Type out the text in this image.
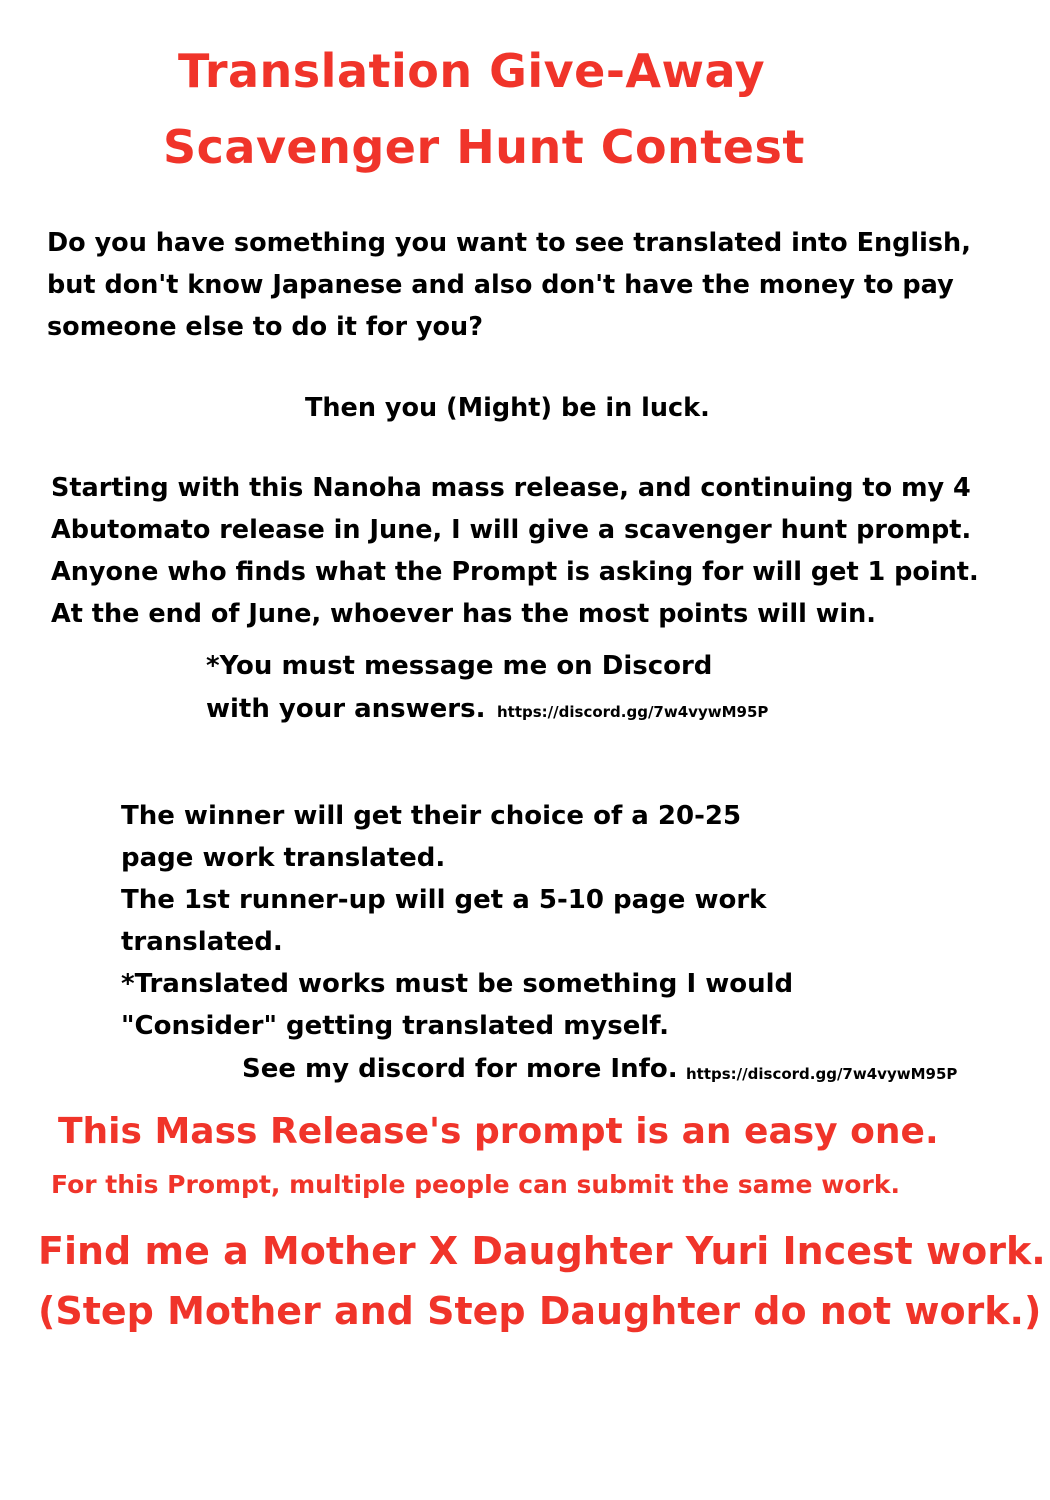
Translation Give-Away
Scavenger Hunt Contest
Do you have something you want to see translated into English,
but don't know Japanese and also don't have the money to pay
someone else to do it for you?
Then you (Might) be in luck.
Starting with this Nanoha mass release, and continuing to my 4
Abutomato release in June, I will give a scavenger hunt prompt.
Anyone who finds what the Prompt is asking for will get 1 point.
At the end of June, whoever has the most points will win.
*You must message me on Discord
with your answers. https://discord.gg/7w4vywM95P
The winner will get their choice of a 20-25
page work translated.
The 1st runner-up will get a 5-10 page work
translated.
*Translated works must be something I would
"Consider" getting translated myself.
See my discord for more Info. https://discord.gg/7w4vywM95P
This Mass Release's prompt is an easy one.
For this Prompt, multiple people can submit the same work.
Find me a Mother X Daughter Yuri Incest work.
(Step Mother and Step Daughter do not work.)
